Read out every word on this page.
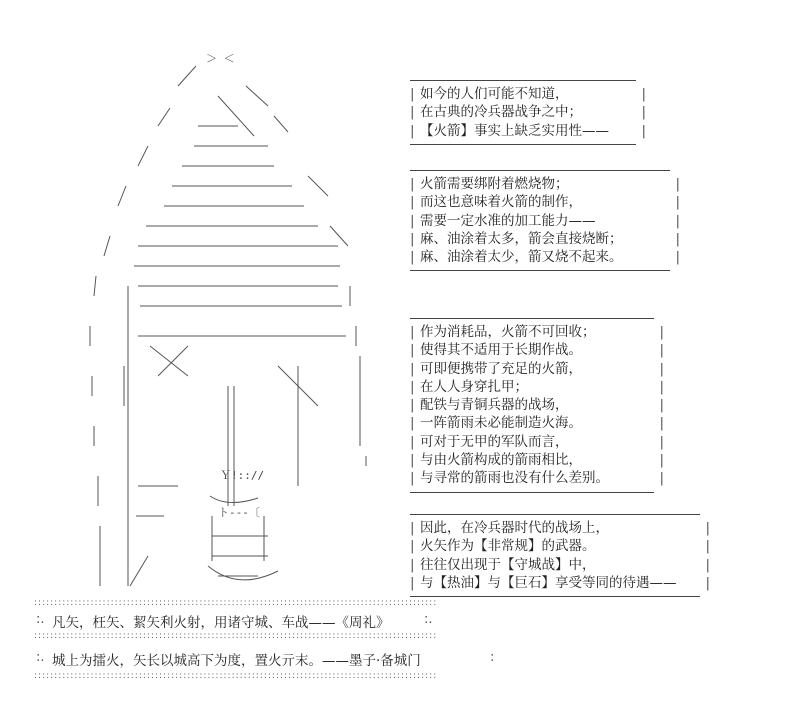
＞ ＜
ト---〔
Ｙ!:://
| 如今的人们可能不知道， |
| 在古典的冷兵器战争之中； |
| 【火箭】事实上缺乏实用性—— |
| 火箭需要绑附着燃烧物； |
| 而这也意味着火箭的制作， |
| 需要一定水准的加工能力—— |
| 麻、油涂着太多，箭会直接烧断； |
| 麻、油涂着太少，箭又烧不起来。 |
| 作为消耗品，火箭不可回收； |
| 使得其不适用于长期作战。 |
| 可即便携带了充足的火箭， |
| 在人人身穿扎甲； |
| 配铁与青铜兵器的战场， |
| 一阵箭雨未必能制造火海。 |
| 可对于无甲的军队而言， |
| 与由火箭构成的箭雨相比， |
| 与寻常的箭雨也没有什么差别。 |
| 因此，在冷兵器时代的战场上， |
| 火矢作为【非常规】的武器。 |
| 往往仅出现于【守城战】中， |
| 与【热油】与【巨石】享受等同的待遇—— |
::::::::::::::::::::::::::::::::::::::::::::::::::::::::::::::::::::::::::::::::::::::::::::::::::::
:. 凡矢，枉矢、絜矢利火射，用诸守城、车战——《周礼》	:.
::::::::::::::::::::::::::::::::::::::::::::::::::::::::::::::::::::::::::::::::::::::::::::::::::::
:. 城上为擂火，矢长以城高下为度，置火亓末。——墨子·备城门	:
::::::::::::::::::::::::::::::::::::::::::::::::::::::::::::::::::::::::::::::::::::::::::::::::::::
